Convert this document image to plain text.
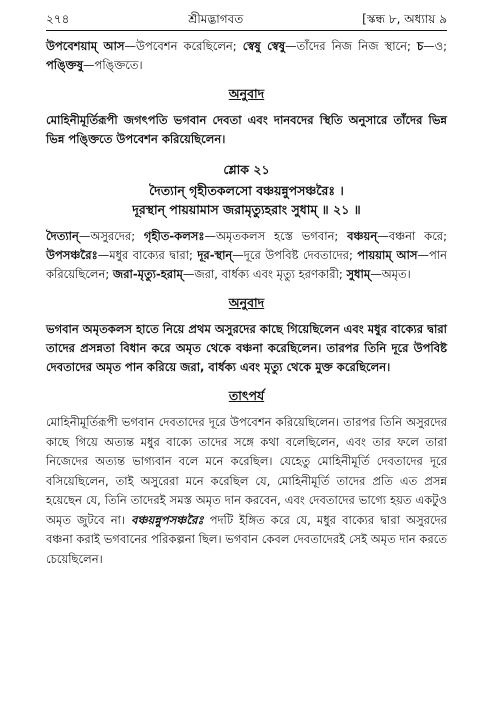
২৭৪	শ্রীমদ্ভাগবত	[স্কন্ধ ৮, অধ্যায় ৯

উপবেশয়াম্ আস—উপবেশন করেছিলেন; স্বেষু স্বেষু—তাঁদের নিজ নিজ স্থানে; চ—ও; পঙ্ক্তিষু—পঙ্ক্তিতে।

অনুবাদ

মোহিনীমূর্তিরূপী জগৎপতি ভগবান দেবতা এবং দানবদের স্থিতি অনুসারে তাঁদের ভিন্ন ভিন্ন পঙ্ক্তিতে উপবেশন করিয়েছিলেন।

শ্লোক ২১

দৈত্যান্ গৃহীতকলসো বঞ্চয়ন্নুপসঞ্চরৈঃ ।

দূরস্থান্ পায়য়ামাস জরামৃত্যুহরাং সুধাম্ ॥ ২১ ॥

দৈত্যান্—অসুরদের; গৃহীত-কলসঃ—অমৃতকলস হস্তে ভগবান; বঞ্চয়ন্—বঞ্চনা করে; উপসঞ্চরৈঃ—মধুর বাক্যের দ্বারা; দূর-স্থান্—দূরে উপবিষ্ট দেবতাদের; পায়য়াম্ আস—পান করিয়েছিলেন; জরা-মৃত্যু-হরাম্—জরা, বার্ধক্য এবং মৃত্যু হরণকারী; সুধাম্—অমৃত।

অনুবাদ

ভগবান অমৃতকলস হাতে নিয়ে প্রথম অসুরদের কাছে গিয়েছিলেন এবং মধুর বাক্যের দ্বারা তাদের প্রসন্নতা বিধান করে অমৃত থেকে বঞ্চনা করেছিলেন। তারপর তিনি দূরে উপবিষ্ট দেবতাদের অমৃত পান করিয়ে জরা, বার্ধক্য এবং মৃত্যু থেকে মুক্ত করেছিলেন।

তাৎপর্য

মোহিনীমূর্তিরূপী ভগবান দেবতাদের দূরে উপবেশন করিয়েছিলেন। তারপর তিনি অসুরদের কাছে গিয়ে অত্যন্ত মধুর বাক্যে তাদের সঙ্গে কথা বলেছিলেন, এবং তার ফলে তারা নিজেদের অত্যন্ত ভাগ্যবান বলে মনে করেছিল। যেহেতু মোহিনীমূর্তি দেবতাদের দূরে বসিয়েছিলেন, তাই অসুরেরা মনে করেছিল যে, মোহিনীমূর্তি তাদের প্রতি এত প্রসন্ন হয়েছেন যে, তিনি তাদেরই সমস্ত অমৃত দান করবেন, এবং দেবতাদের ভাগ্যে হয়ত একটুও অমৃত জুটবে না। বঞ্চয়ন্নুপসঞ্চরৈঃ পদটি ইঙ্গিত করে যে, মধুর বাক্যের দ্বারা অসুরদের বঞ্চনা করাই ভগবানের পরিকল্পনা ছিল। ভগবান কেবল দেবতাদেরই সেই অমৃত দান করতে চেয়েছিলেন।
